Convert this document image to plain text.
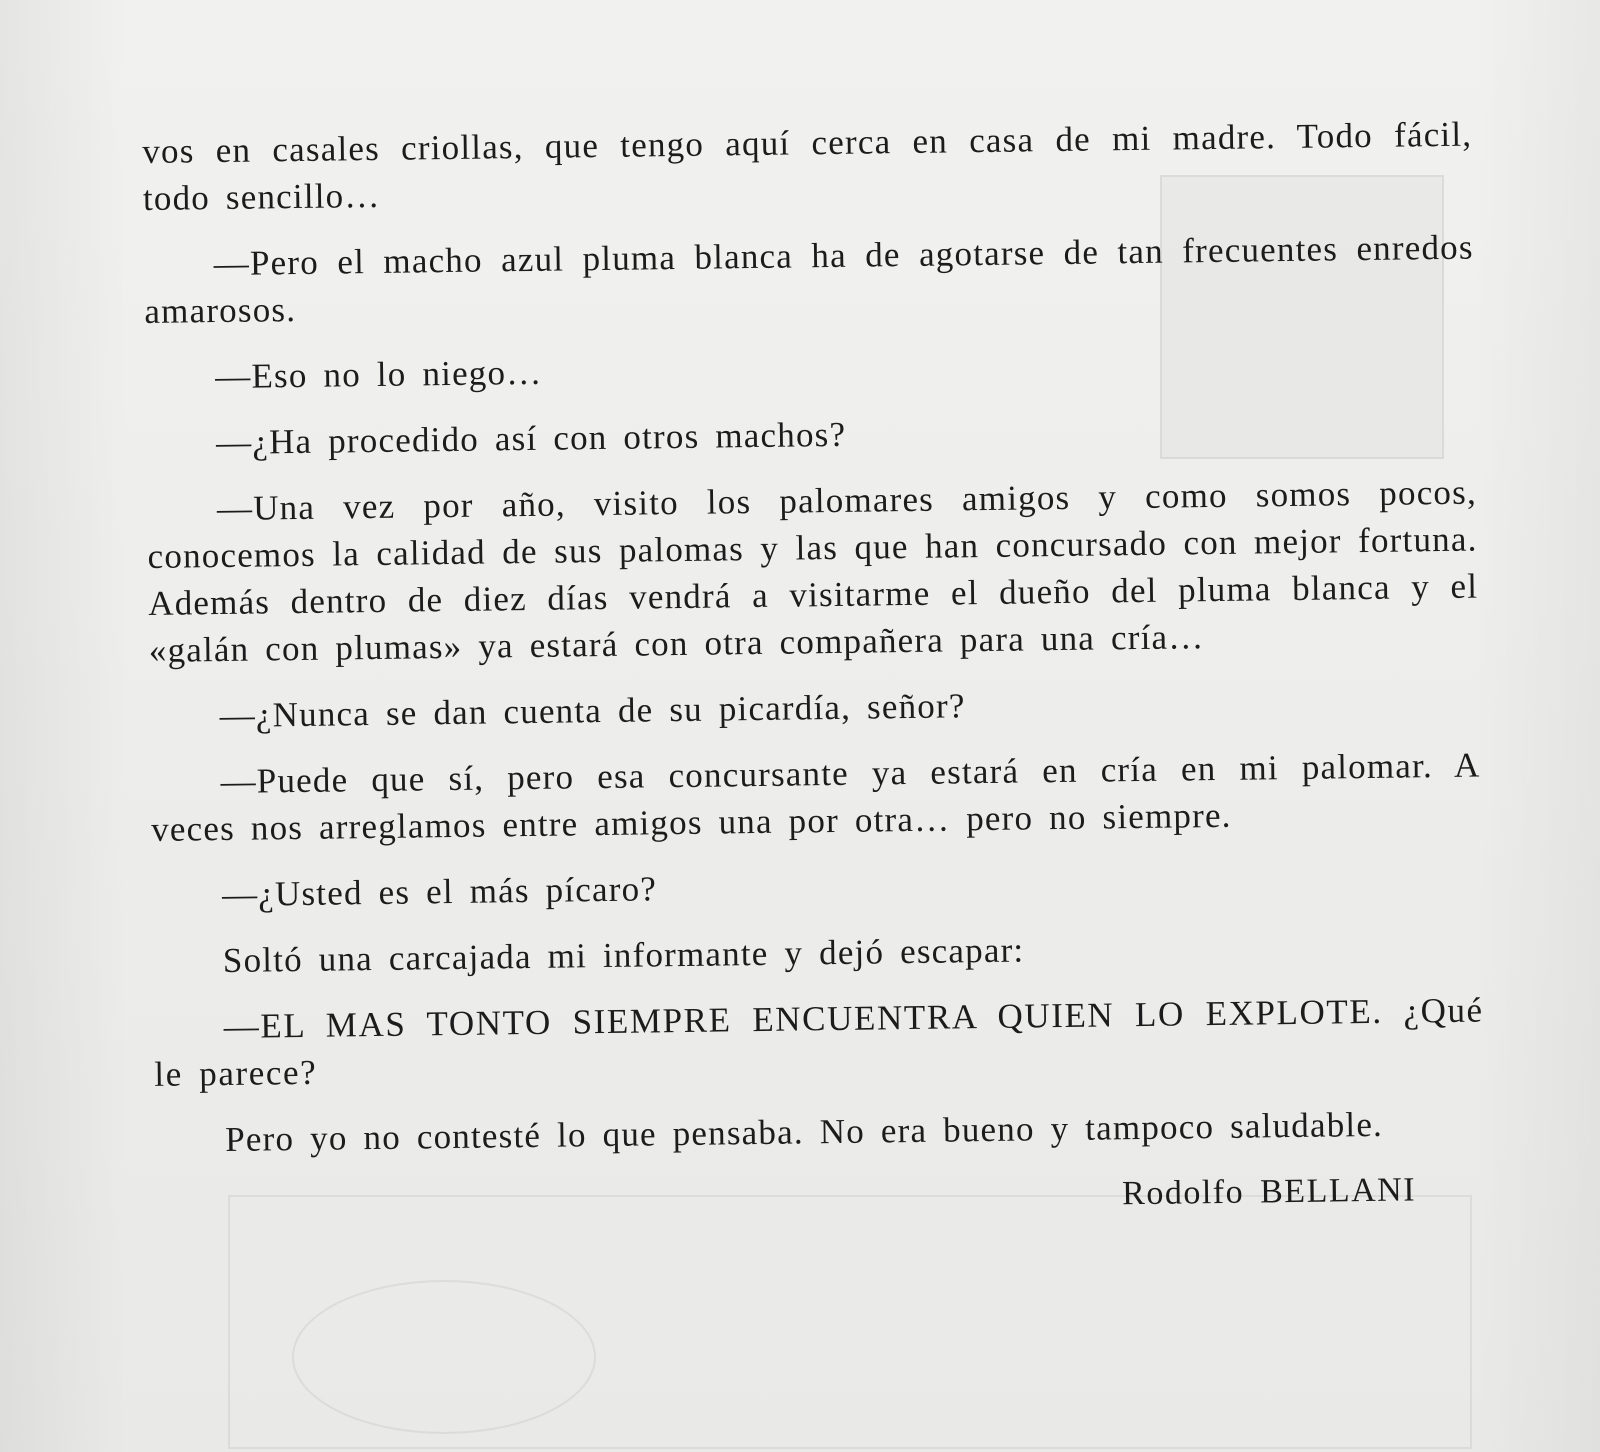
vos en casales criollas, que tengo aquí cerca en casa de mi madre. Todo fácil, todo sencillo…

—Pero el macho azul pluma blanca ha de agotarse de tan frecuentes enredos amarosos.

—Eso no lo niego…

—¿Ha procedido así con otros machos?

—Una vez por año, visito los palomares amigos y como somos pocos, conocemos la calidad de sus palomas y las que han concursado con mejor fortuna. Además dentro de diez días vendrá a visitarme el dueño del pluma blanca y el «galán con plumas» ya estará con otra compañera para una cría…

—¿Nunca se dan cuenta de su picardía, señor?

—Puede que sí, pero esa concursante ya estará en cría en mi palomar. A veces nos arreglamos entre amigos una por otra… pero no siempre.

—¿Usted es el más pícaro?

Soltó una carcajada mi informante y dejó escapar:

—EL MAS TONTO SIEMPRE ENCUENTRA QUIEN LO EXPLOTE. ¿Qué le parece?

Pero yo no contesté lo que pensaba. No era bueno y tampoco saludable.

Rodolfo BELLANI
